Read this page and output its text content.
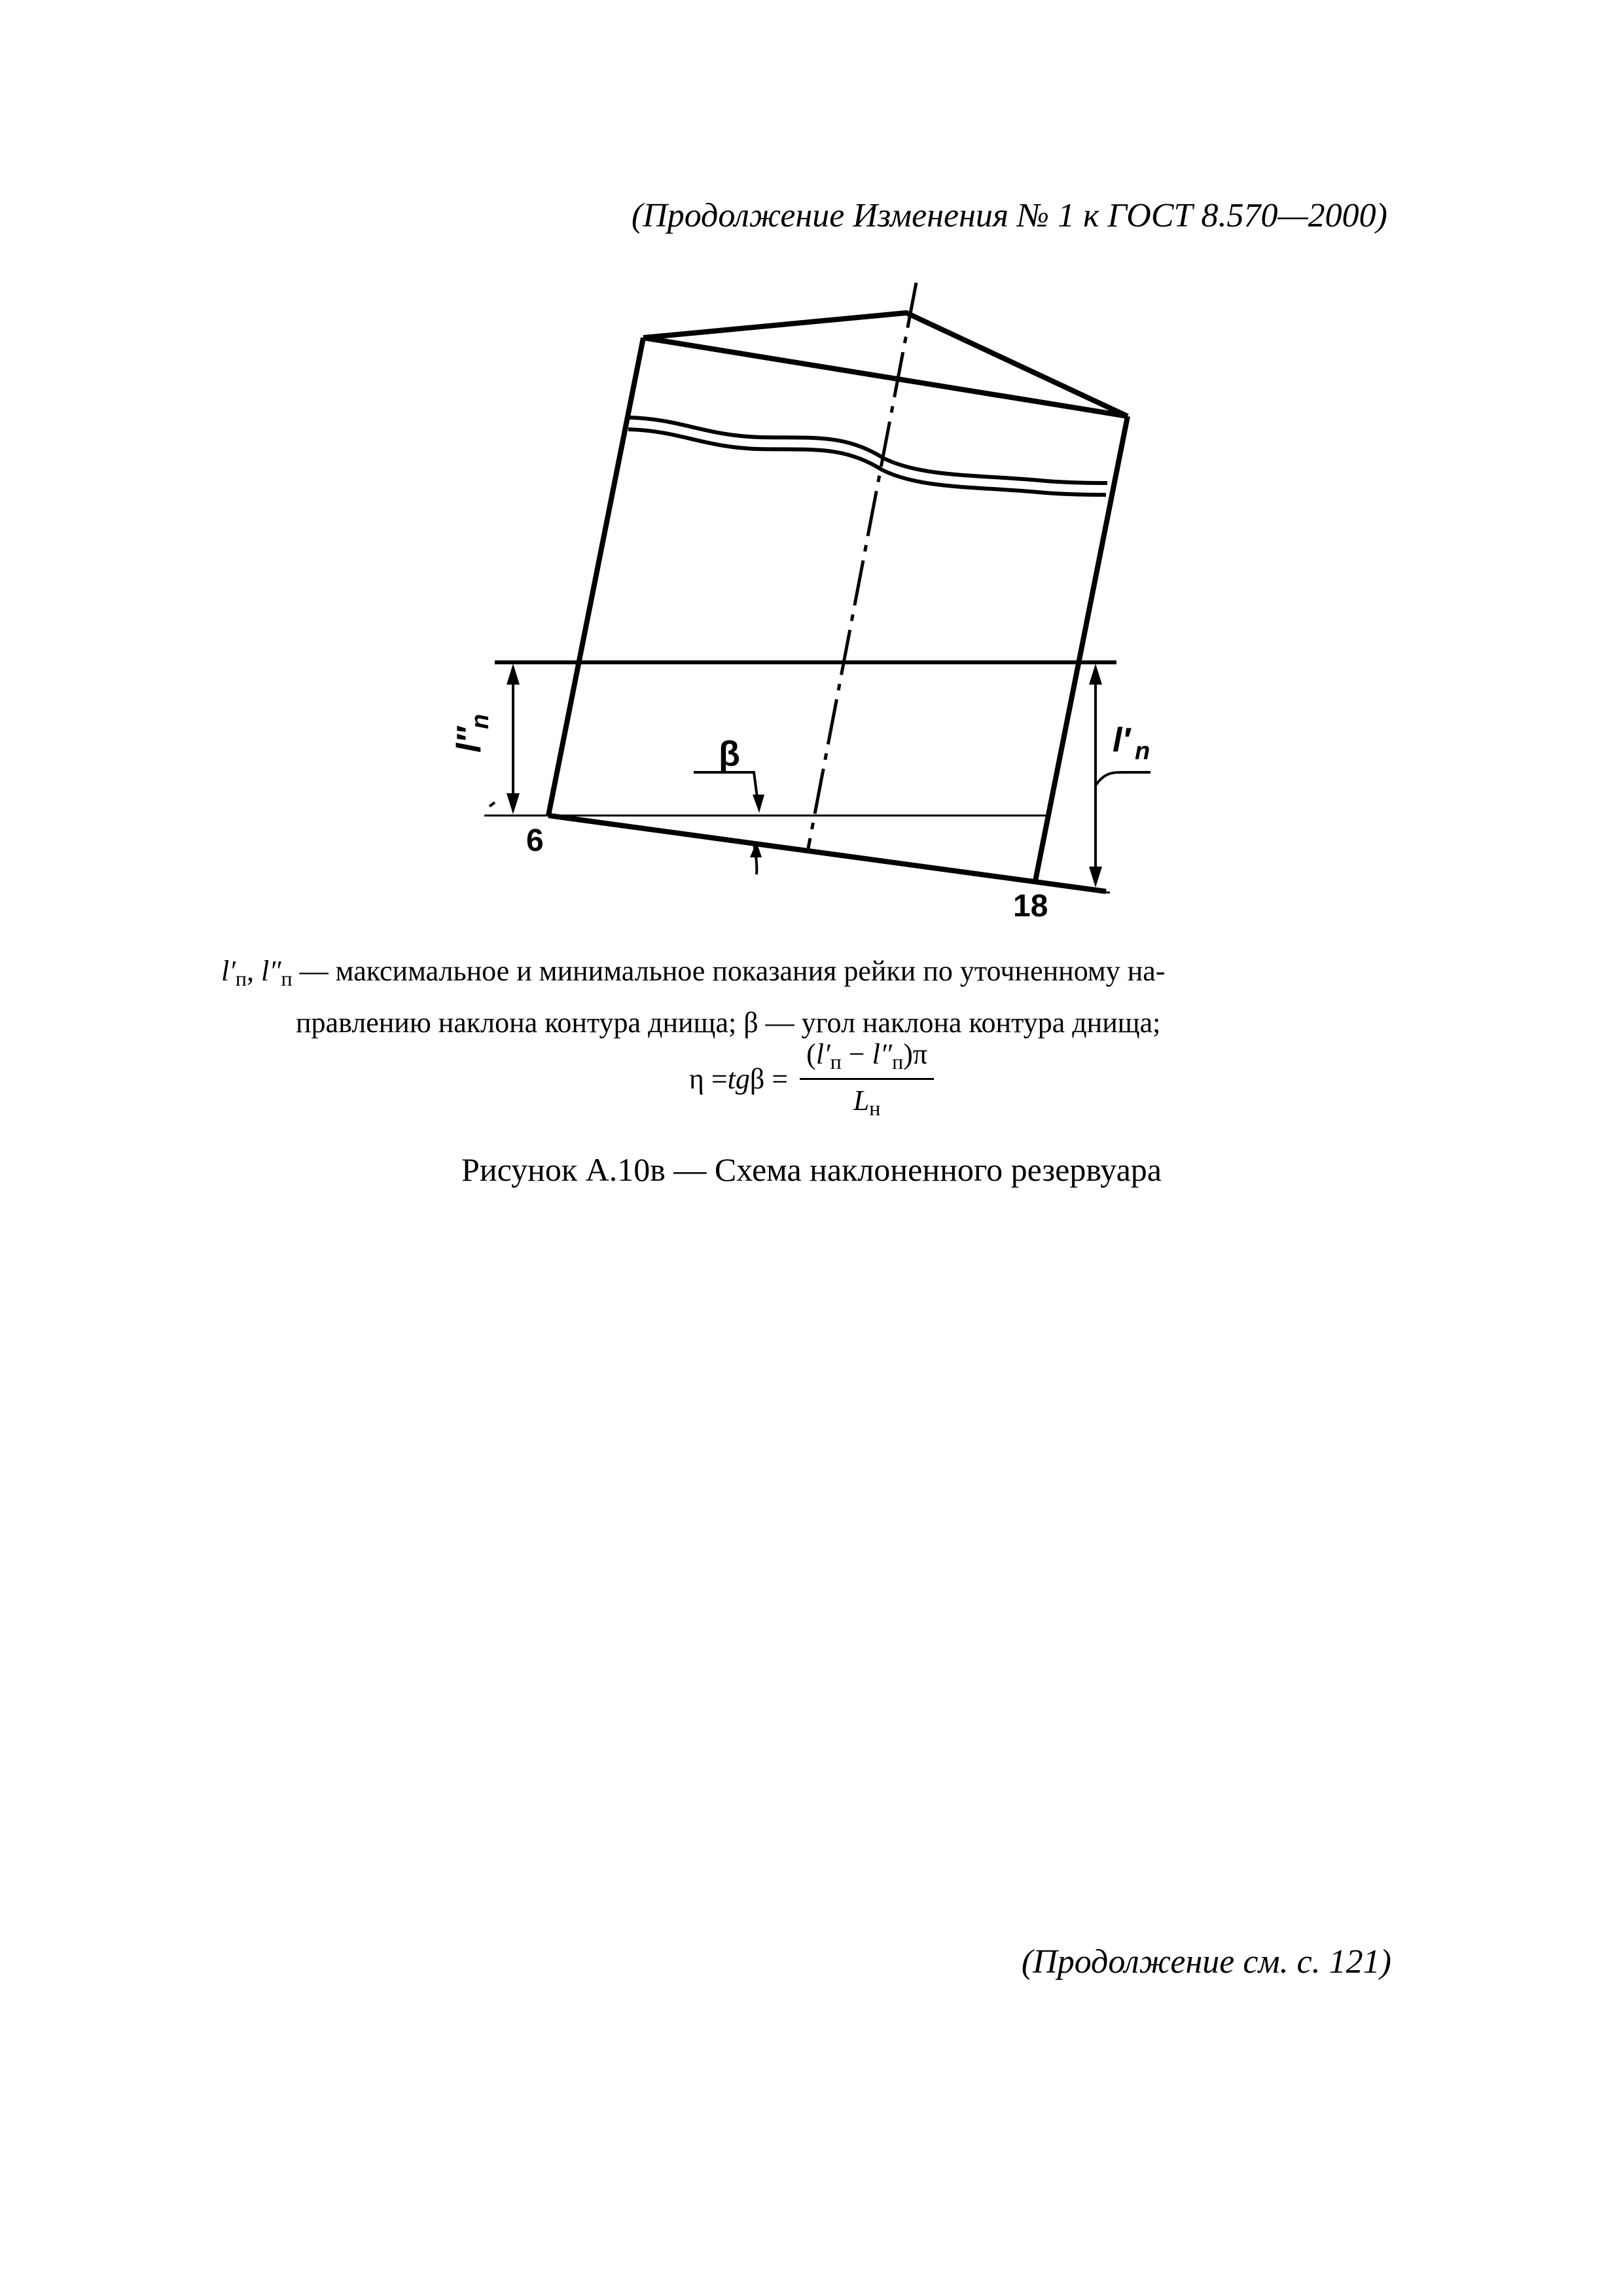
(Продолжение Изменения № 1 к ГОСТ 8.570—2000)
β
6
18
l″
n	l′ n
$l'_п$, $l''_п$ — максимальное и минимальное показания рейки по уточненному на-
правлению наклона контура днища; β — угол наклона контура днища;
η = tg $\beta = \frac{(l'_п - l''_п)\pi}{L_н}$
Рисунок А.10в — Схема наклоненного резервуара
(Продолжение см. с. 121)
